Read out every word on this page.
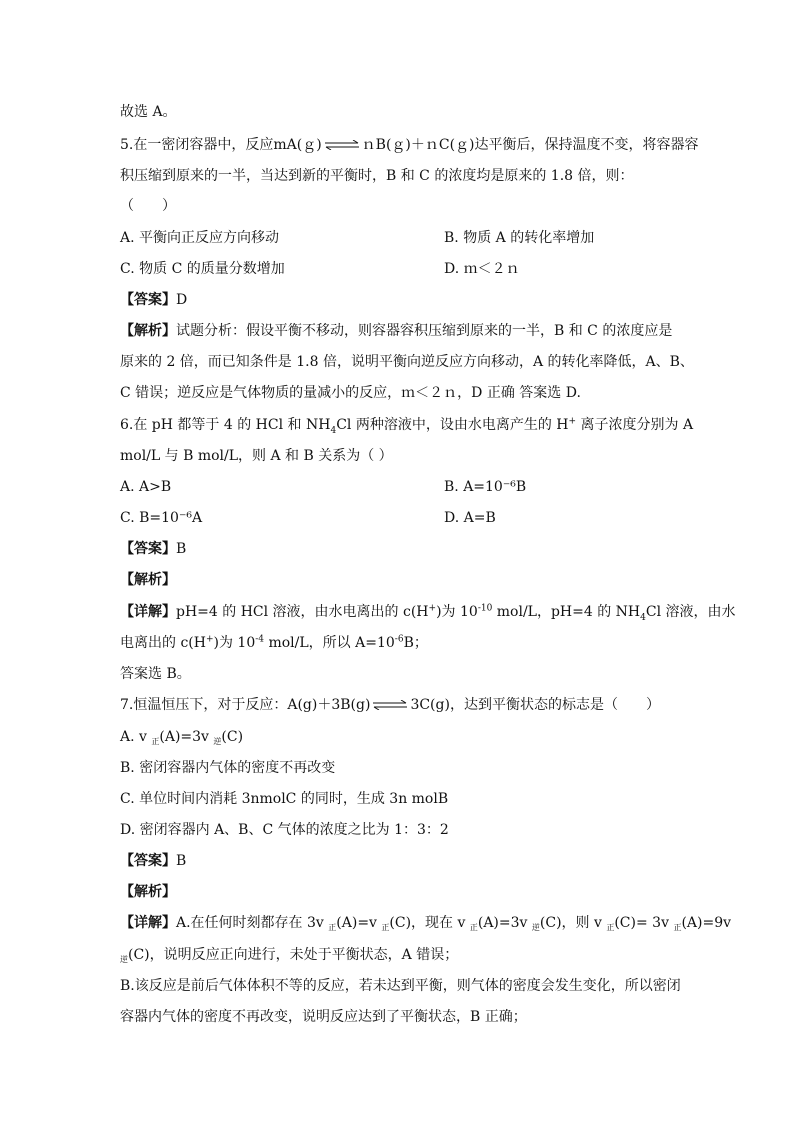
故选 A。
5.在一密闭容器中，反应mA(ｇ) ⇌ ｎB(ｇ)＋ｎC(ｇ)达平衡后，保持温度不变，将容器容
积压缩到原来的一半，当达到新的平衡时，B 和 C 的浓度均是原来的 1.8 倍，则：
（　　）
A. 平衡向正反应方向移动	B. 物质 A 的转化率增加
C. 物质 C 的质量分数增加	D. ｍ＜２ｎ
【答案】D
【解析】试题分析：假设平衡不移动，则容器容积压缩到原来的一半，B 和 C 的浓度应是
原来的 2 倍，而已知条件是 1.8 倍，说明平衡向逆反应方向移动，A 的转化率降低，A、B、
C 错误；逆反应是气体物质的量减小的反应，ｍ＜２ｎ，D 正确 答案选 D.
6.在 pH 都等于 4 的 HCl 和 $NH_4Cl$ 两种溶液中，设由水电离产生的 H+ 离子浓度分别为 A
mol/L 与 B mol/L，则 A 和 B 关系为（ ）
A. A>B	B. A=10⁻⁶B
C. B=10⁻⁶A	D. A=B
【答案】B
【解析】
【详解】pH=4 的 HCl 溶液，由水电离出的 c(H+)为 $10^{-10}$ mol/L，pH=4 的 $NH_4Cl$ 溶液，由水
电离出的 c(H+)为 $10^{-4}$ mol/L，所以 $A=10^{-6}B$；
答案选 B。
7.恒温恒压下，对于反应：A(g)＋3B(g) ⇌ 3C(g)，达到平衡状态的标志是（　　）
A. v $_正$(A)=3v $_逆$(C)
B. 密闭容器内气体的密度不再改变
C. 单位时间内消耗 3nmolC 的同时，生成 3n molB
D. 密闭容器内 A、B、C 气体的浓度之比为 1：3：2
【答案】B
【解析】
【详解】A.在任何时刻都存在 3v $_正$(A)=v $_正$(C)，现在 v $_正$(A)=3v $_逆$(C)，则 v $_正$(C)= 3v $_正$(A)=9v
$_逆$(C)，说明反应正向进行，未处于平衡状态，A 错误；
B.该反应是前后气体体积不等的反应，若未达到平衡，则气体的密度会发生变化，所以密闭
容器内气体的密度不再改变，说明反应达到了平衡状态，B 正确；
